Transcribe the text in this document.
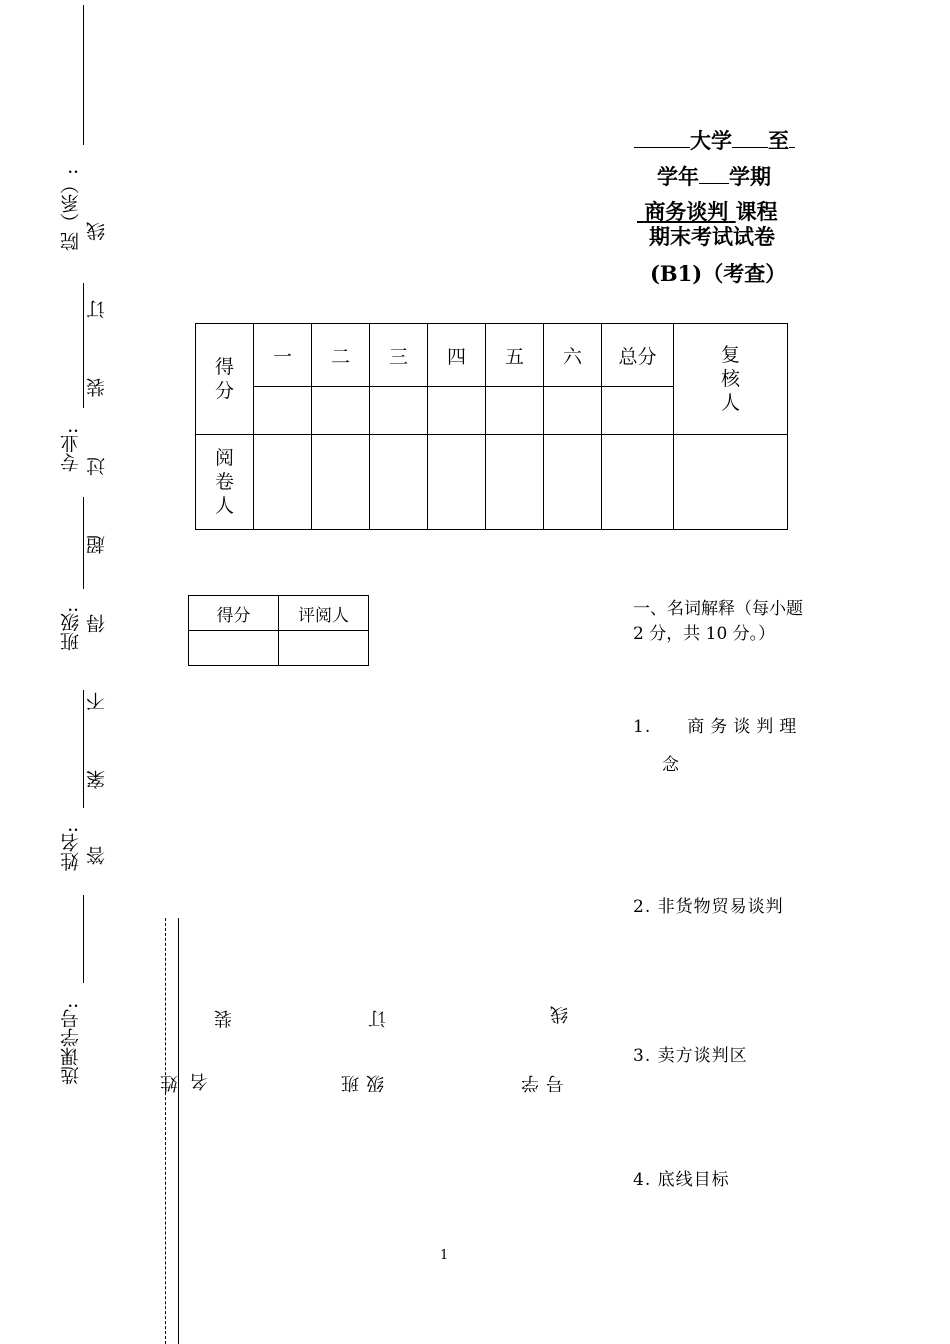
院（系）:
专业:
班级:
姓名:
选课学号:
线
订
装
过
超
得
不
案
答
大学 至
学年 学期
商务谈判 课程
期末考试试卷
(B1)（考查）
得分	一	二	三	四	五	六	总分	复核人

阅卷人								
得分	评阅人
		一、名词解释（每小题 2 分，共 10 分。）
1. 商务谈判理
念
2. 非货物贸易谈判
3. 卖方谈判区
4. 底线目标
装	订	线
姓 名	班 级	学 号
1
